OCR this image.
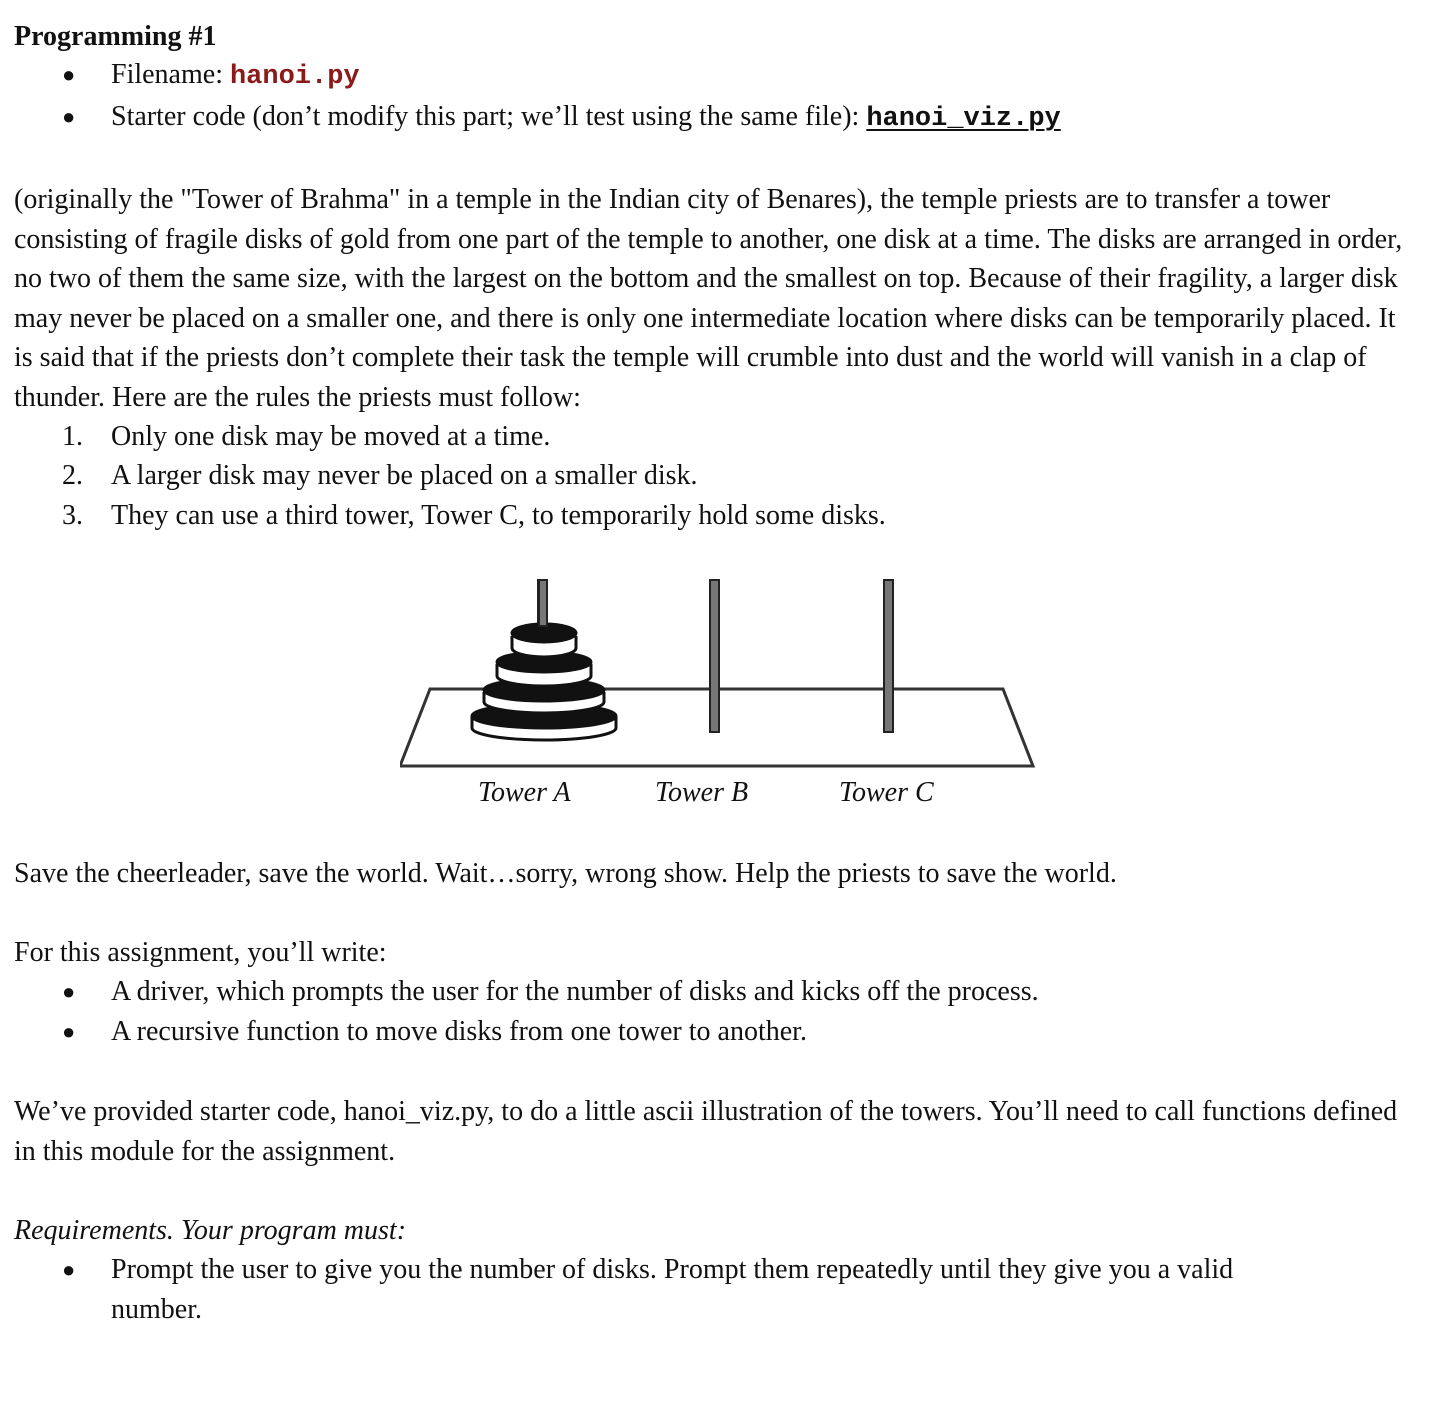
Programming #1
● Filename: hanoi.py
● Starter code (don’t modify this part; we’ll test using the same file): hanoi_viz.py

(originally the "Tower of Brahma" in a temple in the Indian city of Benares), the temple priests are to transfer a tower consisting of fragile disks of gold from one part of the temple to another, one disk at a time. The disks are arranged in order, no two of them the same size, with the largest on the bottom and the smallest on top. Because of their fragility, a larger disk may never be placed on a smaller one, and there is only one intermediate location where disks can be temporarily placed. It is said that if the priests don’t complete their task the temple will crumble into dust and the world will vanish in a clap of thunder. Here are the rules the priests must follow:

1. Only one disk may be moved at a time.
2. A larger disk may never be placed on a smaller disk.
3. They can use a third tower, Tower C, to temporarily hold some disks.
Tower A	Tower B	Tower C

Save the cheerleader, save the world. Wait…sorry, wrong show. Help the priests to save the world.

For this assignment, you’ll write:

● A driver, which prompts the user for the number of disks and kicks off the process.
● A recursive function to move disks from one tower to another.

We’ve provided starter code, hanoi_viz.py, to do a little ascii illustration of the towers. You’ll need to call functions defined in this module for the assignment.

Requirements. Your program must:

● Prompt the user to give you the number of disks. Prompt them repeatedly until they give you a valid
number.
